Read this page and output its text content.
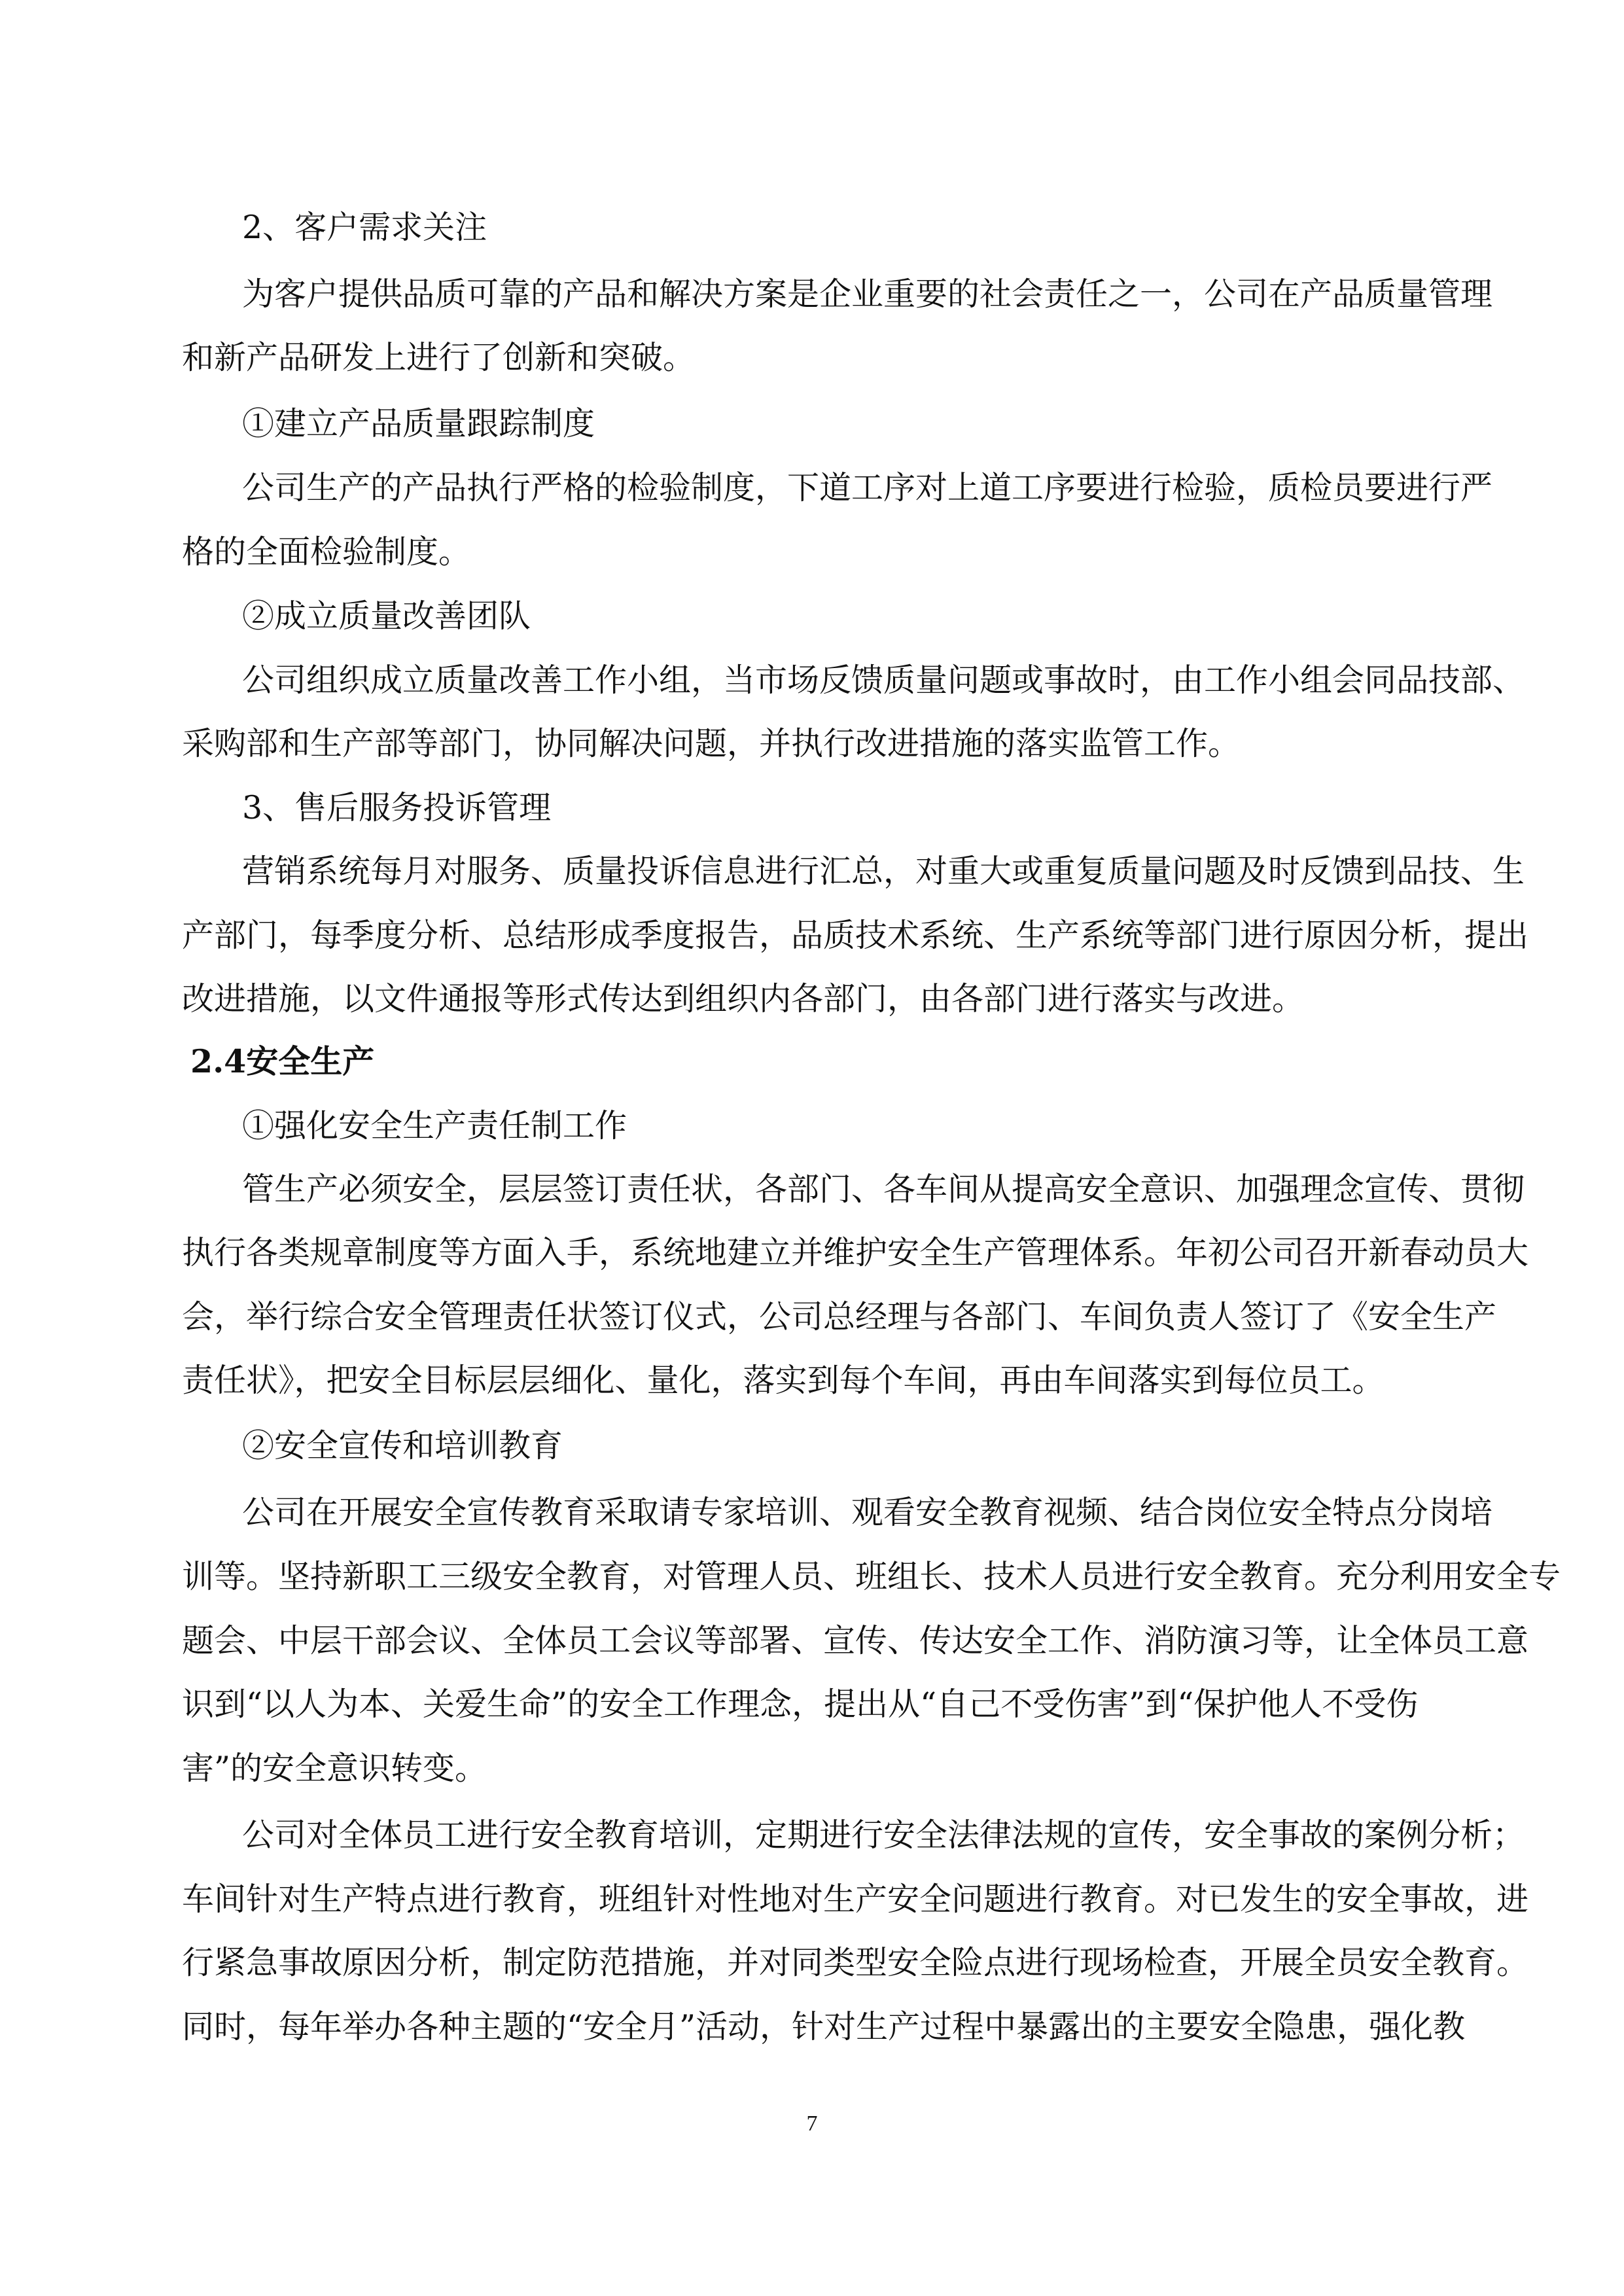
2、客户需求关注

为客户提供品质可靠的产品和解决方案是企业重要的社会责任之一，公司在产品质量管理

和新产品研发上进行了创新和突破。

①建立产品质量跟踪制度

公司生产的产品执行严格的检验制度，下道工序对上道工序要进行检验，质检员要进行严

格的全面检验制度。

②成立质量改善团队

公司组织成立质量改善工作小组，当市场反馈质量问题或事故时，由工作小组会同品技部、

采购部和生产部等部门，协同解决问题，并执行改进措施的落实监管工作。

3、售后服务投诉管理

营销系统每月对服务、质量投诉信息进行汇总，对重大或重复质量问题及时反馈到品技、生

产部门，每季度分析、总结形成季度报告，品质技术系统、生产系统等部门进行原因分析，提出

改进措施，以文件通报等形式传达到组织内各部门，由各部门进行落实与改进。

2.4安全生产

①强化安全生产责任制工作

管生产必须安全，层层签订责任状，各部门、各车间从提高安全意识、加强理念宣传、贯彻

执行各类规章制度等方面入手，系统地建立并维护安全生产管理体系。年初公司召开新春动员大

会，举行综合安全管理责任状签订仪式，公司总经理与各部门、车间负责人签订了《安全生产

责任状》，把安全目标层层细化、量化，落实到每个车间，再由车间落实到每位员工。

②安全宣传和培训教育

公司在开展安全宣传教育采取请专家培训、观看安全教育视频、结合岗位安全特点分岗培

训等。坚持新职工三级安全教育，对管理人员、班组长、技术人员进行安全教育。充分利用安全专

题会、中层干部会议、全体员工会议等部署、宣传、传达安全工作、消防演习等，让全体员工意

识到“以人为本、关爱生命”的安全工作理念，提出从“自己不受伤害”到“保护他人不受伤

害”的安全意识转变。

公司对全体员工进行安全教育培训，定期进行安全法律法规的宣传，安全事故的案例分析；

车间针对生产特点进行教育，班组针对性地对生产安全问题进行教育。对已发生的安全事故，进

行紧急事故原因分析，制定防范措施，并对同类型安全险点进行现场检查，开展全员安全教育。

同时，每年举办各种主题的“安全月”活动，针对生产过程中暴露出的主要安全隐患，强化教

7
